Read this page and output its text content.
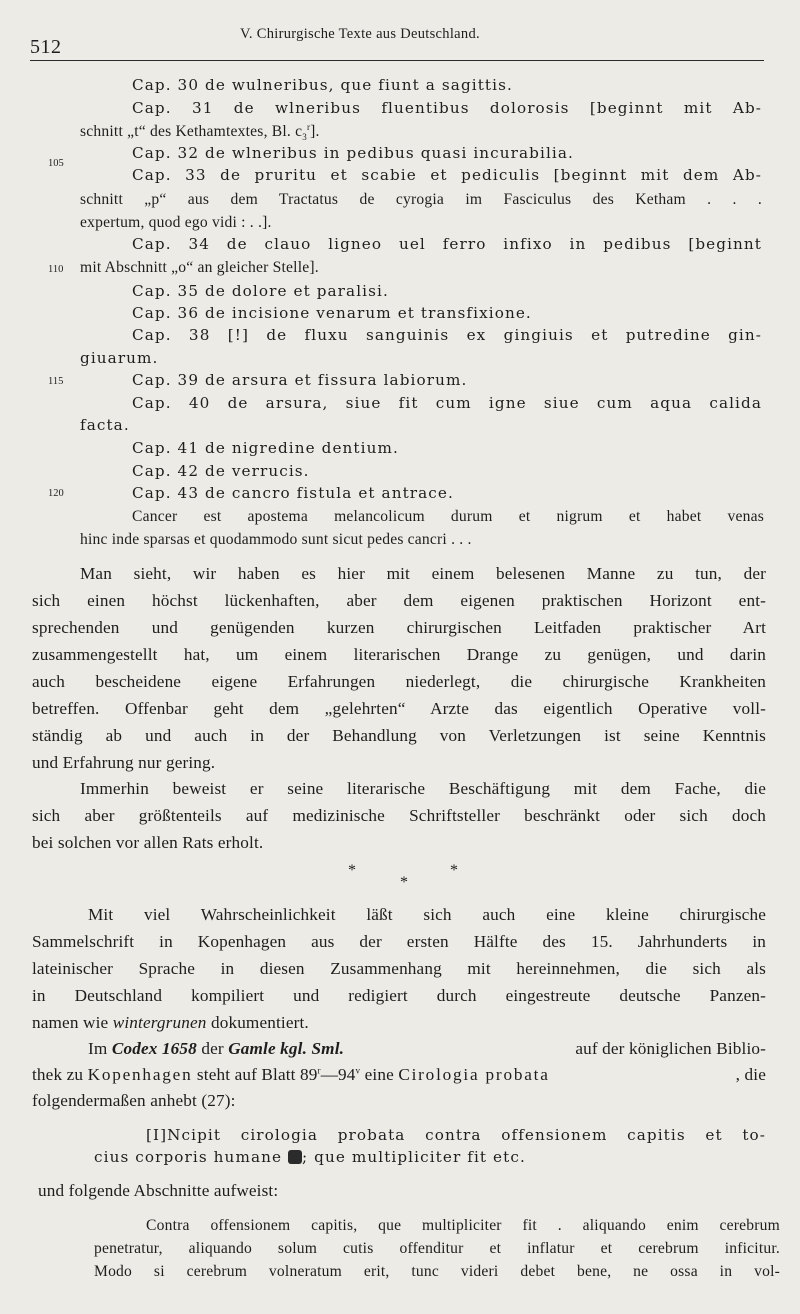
512
V. Chirurgische Texte aus Deutschland.
105
110
115
120
Cap. 30 de wulneribus, que fiunt a sagittis.
Cap. 31 de wlneribus fluentibus dolorosis [beginnt mit Ab-
schnitt „t“ des Kethamtextes, Bl. $c_3^r$].
Cap. 32 de wlneribus in pedibus quasi incurabilia.
Cap. 33 de pruritu et scabie et pediculis [beginnt mit dem Ab-
schnitt „p“ aus dem Tractatus de cyrogia im Fasciculus des Ketham . . .
expertum, quod ego vidi : . .].
Cap. 34 de clauo ligneo uel ferro infixo in pedibus [beginnt
mit Abschnitt „o“ an gleicher Stelle].
Cap. 35 de dolore et paralisi.
Cap. 36 de incisione venarum et transfixione.
Cap. 38 [!] de fluxu sanguinis ex gingiuis et putredine gin-
giuarum.
Cap. 39 de arsura et fissura labiorum.
Cap. 40 de arsura, siue fit cum igne siue cum aqua calida
facta.
Cap. 41 de nigredine dentium.
Cap. 42 de verrucis.
Cap. 43 de cancro fistula et antrace.
Cancer est apostema melancolicum durum et nigrum et habet venas
hinc inde sparsas et quodammodo sunt sicut pedes cancri . . .
Man sieht, wir haben es hier mit einem belesenen Manne zu tun, der
sich einen höchst lückenhaften, aber dem eigenen praktischen Horizont ent-
sprechenden und genügenden kurzen chirurgischen Leitfaden praktischer Art
zusammengestellt hat, um einem literarischen Drange zu genügen, und darin
auch bescheidene eigene Erfahrungen niederlegt, die chirurgische Krankheiten
betreffen. Offenbar geht dem „gelehrten“ Arzte das eigentlich Operative voll-
ständig ab und auch in der Behandlung von Verletzungen ist seine Kenntnis
und Erfahrung nur gering.
Immerhin beweist er seine literarische Beschäftigung mit dem Fache, die
sich aber größtenteils auf medizinische Schriftsteller beschränkt oder sich doch
bei solchen vor allen Rats erholt.
*
*
*
Mit viel Wahrscheinlichkeit läßt sich auch eine kleine chirurgische
Sammelschrift in Kopenhagen aus der ersten Hälfte des 15. Jahrhunderts in
lateinischer Sprache in diesen Zusammenhang mit hereinnehmen, die sich als
in Deutschland kompiliert und redigiert durch eingestreute deutsche Panzen-
namen wie wintergrunen dokumentiert.
Im Codex 1658 der Gamle kgl. Sml.	auf der königlichen Biblio-
thek zu Kopenhagen steht auf Blatt 89$^r$—94$^v$ eine Cirologia probata	, die
folgendermaßen anhebt (27):
[I]Ncipit cirologia probata contra offensionem capitis et to-
cius corporis humane ; que multipliciter fit etc.
und folgende Abschnitte aufweist:
Contra offensionem capitis, que multipliciter fit . aliquando enim cerebrum
penetratur, aliquando solum cutis offenditur et inflatur et cerebrum inficitur.
Modo si cerebrum volneratum erit, tunc videri debet bene, ne ossa in vol-
